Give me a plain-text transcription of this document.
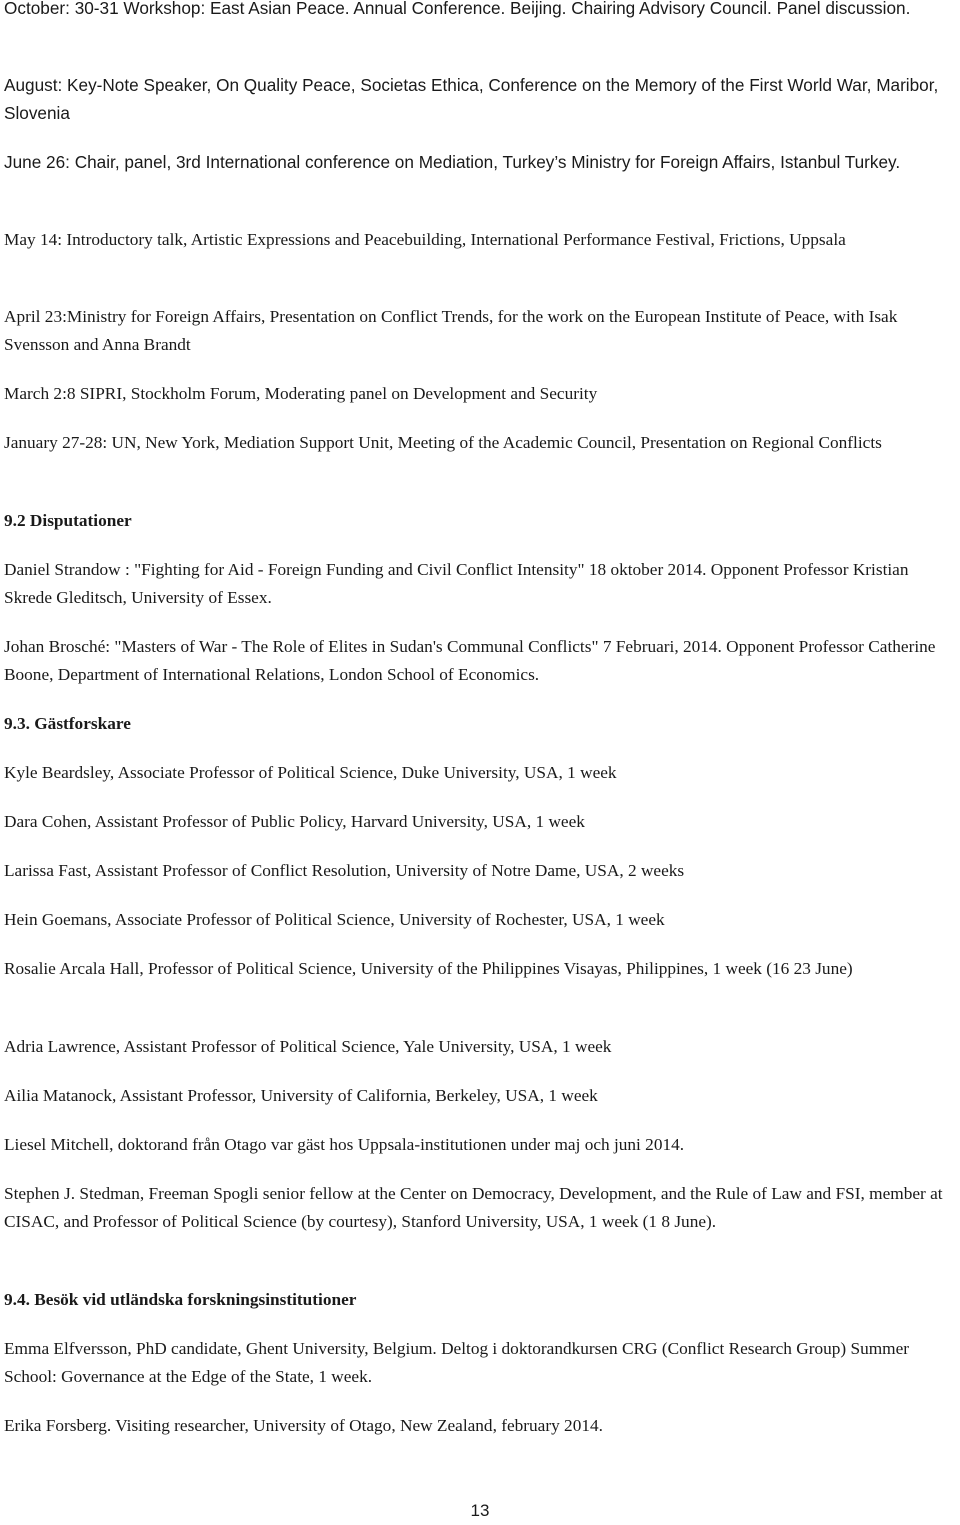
October: 30-31 Workshop: East Asian Peace. Annual Conference. Beijing. Chairing Advisory Council. Panel discussion.

August: Key-Note Speaker, On Quality Peace, Societas Ethica, Conference on the Memory of the First World War, Maribor, Slovenia

June 26: Chair, panel, 3rd International conference on Mediation, Turkey’s Ministry for Foreign Affairs, Istanbul Turkey.

May 14: Introductory talk, Artistic Expressions and Peacebuilding, International Performance Festival, Frictions, Uppsala

April 23:Ministry for Foreign Affairs, Presentation on Conflict Trends, for the work on the European Institute of Peace, with Isak Svensson and Anna Brandt

March 2:8 SIPRI, Stockholm Forum, Moderating panel on Development and Security

January 27-28: UN, New York, Mediation Support Unit, Meeting of the Academic Council, Presentation on Regional Conflicts

9.2 Disputationer

Daniel Strandow : "Fighting for Aid - Foreign Funding and Civil Conflict Intensity" 18 oktober 2014. Opponent Professor Kristian Skrede Gleditsch, University of Essex.

Johan Brosché: "Masters of War - The Role of Elites in Sudan's Communal Conflicts" 7 Februari, 2014. Opponent Professor Catherine Boone, Department of International Relations, London School of Economics.

9.3. Gästforskare

Kyle Beardsley, Associate Professor of Political Science, Duke University, USA, 1 week

Dara Cohen, Assistant Professor of Public Policy, Harvard University, USA, 1 week

Larissa Fast, Assistant Professor of Conflict Resolution, University of Notre Dame, USA, 2 weeks

Hein Goemans, Associate Professor of Political Science, University of Rochester, USA, 1 week

Rosalie Arcala Hall, Professor of Political Science, University of the Philippines Visayas, Philippines, 1 week (16 23 June)

Adria Lawrence, Assistant Professor of Political Science, Yale University, USA, 1 week

Ailia Matanock, Assistant Professor, University of California, Berkeley, USA, 1 week

Liesel Mitchell, doktorand från Otago var gäst hos Uppsala-institutionen under maj och juni 2014.

Stephen J. Stedman, Freeman Spogli senior fellow at the Center on Democracy, Development, and the Rule of Law and FSI, member at CISAC, and Professor of Political Science (by courtesy), Stanford University, USA, 1 week (1 8 June).

9.4. Besök vid utländska forskningsinstitutioner

Emma Elfversson, PhD candidate, Ghent University, Belgium. Deltog i doktorandkursen CRG (Conflict Research Group) Summer School: Governance at the Edge of the State, 1 week.

Erika Forsberg. Visiting researcher, University of Otago, New Zealand, february 2014.

13
